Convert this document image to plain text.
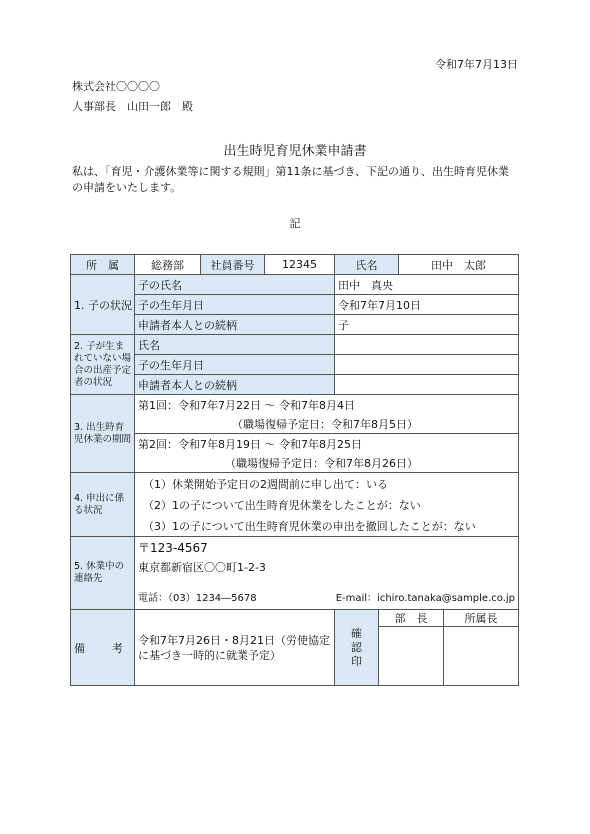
令和7年7月13日
株式会社〇〇〇〇
人事部長　山田一郎　殿
出生時児育児休業申請書
私は、「育児・介護休業等に関する規則」第11条に基づき、下記の通り、出生時育児休業の申請をいたします。
記
所　属	総務部	社員番号	12345	氏名		田中　太郎	
1. 子の状況	子の氏名			田中　真央			
	子の生年月日			令和7年7月10日			
	申請者本人との続柄			子			
2. 子が生まれていない場合の出産予定者の状況	氏名						
	子の生年月日						
	申請者本人との続柄						
3. 出生時育児休業の期間	第1回：令和7年7月22日 ～ 令和7年8月4日						
	（職場復帰予定日：令和7年8月5日）						
	第2回：令和7年8月19日 ～ 令和7年8月25日						
	（職場復帰予定日：令和7年8月26日）						
4. 申出に係る状況	（1）休業開始予定日の2週間前に申し出て：いる						
	（2）1の子について出生時育児休業をしたことが：ない						
	（3）1の子について出生時育児休業の申出を撤回したことが：ない						
5. 休業中の連絡先	〒123-4567
東京都新宿区〇〇町1-2-3
電話：（03）1234―5678 E-mail：ichiro.tanaka@sample.co.jp						

備　考	令和7年7月26日・8月21日（労使協定に基づき一時的に就業予定）			確認印	部　長		所属長
